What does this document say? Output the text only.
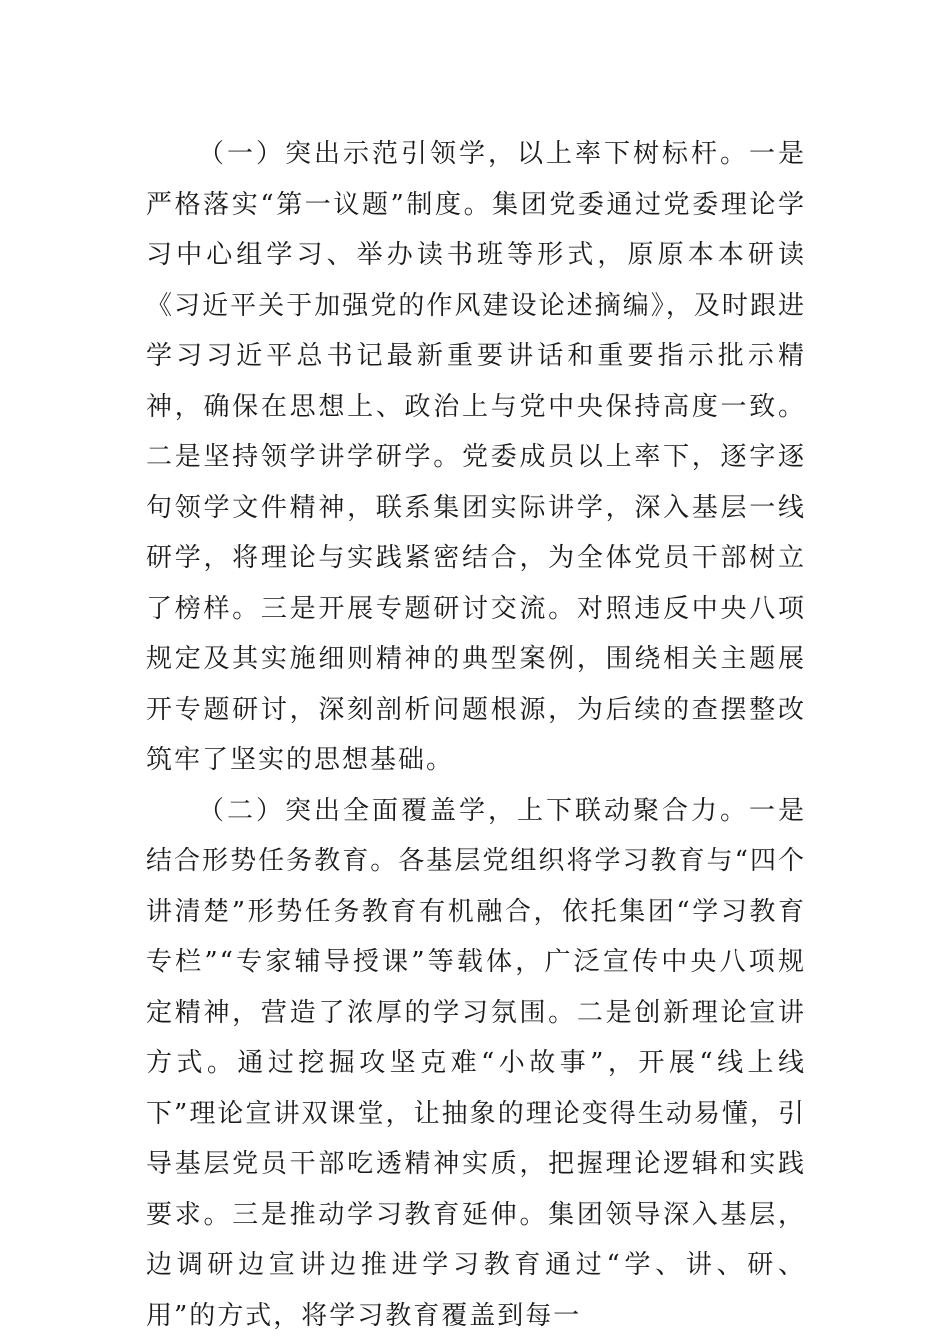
（一）突出示范引领学，以上率下树标杆。一是严格落实“第一议题”制度。集团党委通过党委理论学习中心组学习、举办读书班等形式，原原本本研读《习近平关于加强党的作风建设论述摘编》，及时跟进学习习近平总书记最新重要讲话和重要指示批示精神，确保在思想上、政治上与党中央保持高度一致。二是坚持领学讲学研学。党委成员以上率下，逐字逐句领学文件精神，联系集团实际讲学，深入基层一线研学，将理论与实践紧密结合，为全体党员干部树立了榜样。三是开展专题研讨交流。对照违反中央八项规定及其实施细则精神的典型案例，围绕相关主题展开专题研讨，深刻剖析问题根源，为后续的查摆整改筑牢了坚实的思想基础。

（二）突出全面覆盖学，上下联动聚合力。一是结合形势任务教育。各基层党组织将学习教育与“四个讲清楚”形势任务教育有机融合，依托集团“学习教育专栏”“专家辅导授课”等载体，广泛宣传中央八项规定精神，营造了浓厚的学习氛围。二是创新理论宣讲方式。通过挖掘攻坚克难“小故事”，开展“线上线下”理论宣讲双课堂，让抽象的理论变得生动易懂，引导基层党员干部吃透精神实质，把握理论逻辑和实践要求。三是推动学习教育延伸。集团领导深入基层，边调研边宣讲边推进学习教育通过“学、讲、研、用”的方式，将学习教育覆盖到每一
